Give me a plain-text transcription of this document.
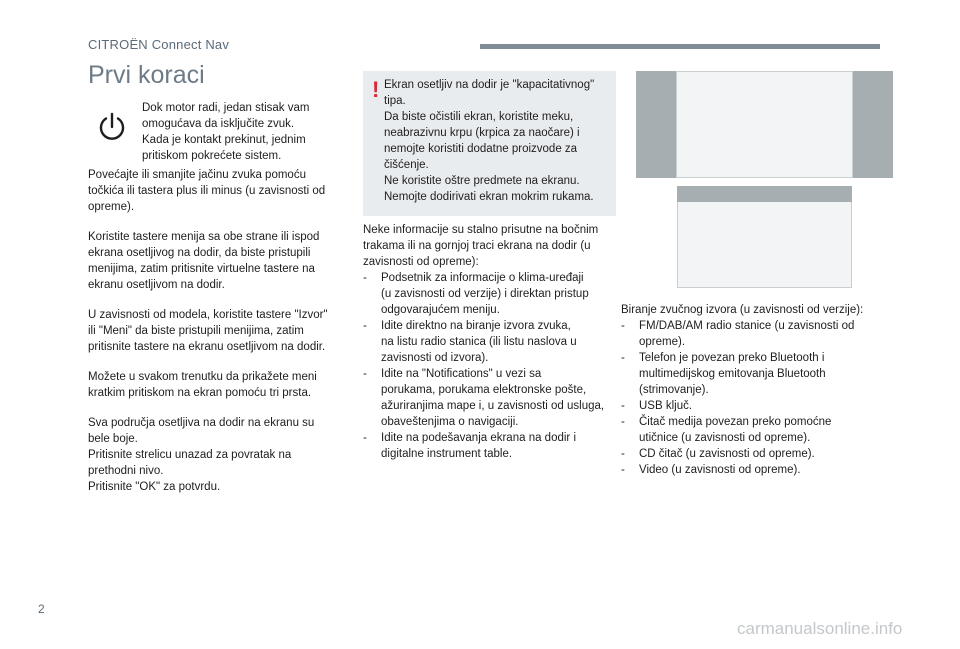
CITROËN Connect Nav
Prvi koraci
Dok motor radi, jedan stisak vam
omogućava da isključite zvuk.
Kada je kontakt prekinut, jednim
pritiskom pokrećete sistem.

Povećajte ili smanjite jačinu zvuka pomoću
točkića ili tastera plus ili minus (u zavisnosti od
opreme).

Koristite tastere menija sa obe strane ili ispod
ekrana osetljivog na dodir, da biste pristupili
menijima, zatim pritisnite virtuelne tastere na
ekranu osetljivom na dodir.

U zavisnosti od modela, koristite tastere "Izvor"
ili "Meni" da biste pristupili menijima, zatim
pritisnite tastere na ekranu osetljivom na dodir.

Možete u svakom trenutku da prikažete meni
kratkim pritiskom na ekran pomoću tri prsta.

Sva područja osetljiva na dodir na ekranu su
bele boje.
Pritisnite strelicu unazad za povratak na
prethodni nivo.
Pritisnite "OK" za potvrdu.

! Ekran osetljiv na dodir je "kapacitativnog"
tipa.
Da biste očistili ekran, koristite meku,
neabrazivnu krpu (krpica za naočare) i
nemojte koristiti dodatne proizvode za
čišćenje.
Ne koristite oštre predmete na ekranu.
Nemojte dodirivati ekran mokrim rukama.
Neke informacije su stalno prisutne na bočnim
trakama ili na gornjoj traci ekrana na dodir (u
zavisnosti od opreme):
- Podsetnik za informacije o klima-uređaji
(u zavisnosti od verzije) i direktan pristup
odgovarajućem meniju.
- Idite direktno na biranje izvora zvuka,
na listu radio stanica (ili listu naslova u
zavisnosti od izvora).
- Idite na "Notifications" u vezi sa
porukama, porukama elektronske pošte,
ažuriranjima mape i, u zavisnosti od usluga,
obaveštenjima o navigaciji.
- Idite na podešavanja ekrana na dodir i
digitalne instrument table.
Biranje zvučnog izvora (u zavisnosti od verzije):
- FM/DAB/AM radio stanice (u zavisnosti od
opreme).
- Telefon je povezan preko Bluetooth i
multimedijskog emitovanja Bluetooth
(strimovanje).
- USB ključ.
- Čitač medija povezan preko pomoćne
utičnice (u zavisnosti od opreme).
- CD čitač (u zavisnosti od opreme).
- Video (u zavisnosti od opreme).
2
carmanualsonline.info
